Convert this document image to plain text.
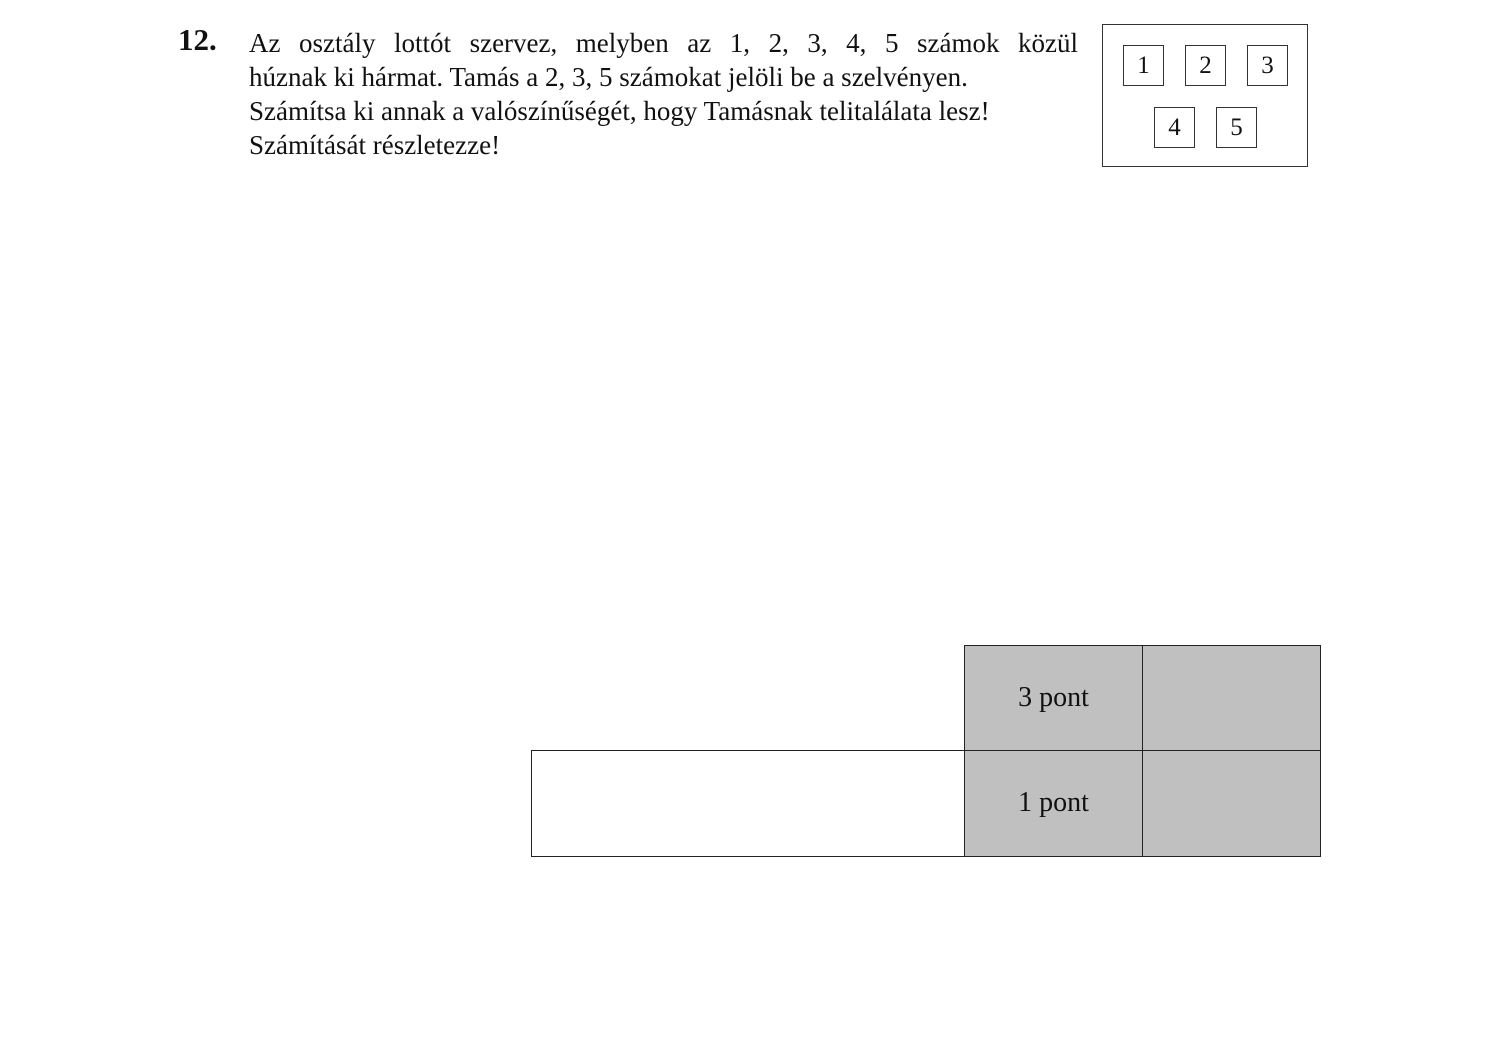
12. Az osztály lottót szervez, melyben az 1, 2, 3, 4, 5 számok közül
húznak ki hármat. Tamás a 2, 3, 5 számokat jelöli be a szelvényen.
Számítsa ki annak a valószínűségét, hogy Tamásnak telitalálata lesz!
Számítását részletezze!
1	2	3
4	5
3 pont
1 pont
